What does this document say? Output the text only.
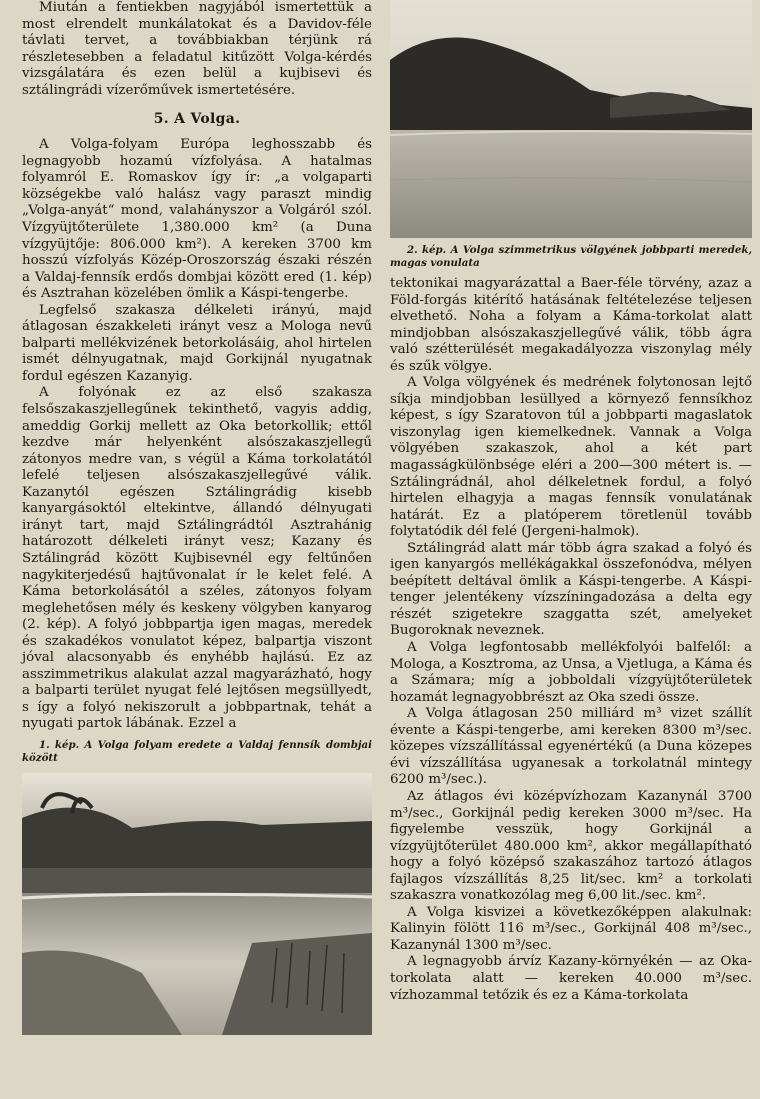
Miután a fentiekben nagyjából ismertettük a most elrendelt munkálatokat és a Davidov-féle távlati tervet, a továbbiakban térjünk rá részletesebben a feladatul kitűzött Volga-kérdés vizsgálatára és ezen belül a kujbisevi és sztálingrádi vízerőművek ismertetésére.

5. A Volga.

A Volga-folyam Európa leghosszabb és legnagyobb hozamú vízfolyása. A hatalmas folyamról E. Romaskov így ír: „a volgaparti községekbe való halász vagy paraszt mindig „Volga-anyát“ mond, valahányszor a Volgáról szól. Vízgyüjtőterülete 1,380.000 km² (a Duna vízgyüjtője: 806.000 km²). A kereken 3700 km hosszú vízfolyás Közép-Oroszország északi részén a Valdaj-fennsík erdős dombjai között ered (1. kép) és Asztrahan közelében ömlik a Káspi-tengerbe.

Legfelső szakasza délkeleti irányú, majd átlagosan északkeleti irányt vesz a Mologa nevű balparti mellékvizének betorkolásáig, ahol hirtelen ismét délnyugatnak, majd Gorkijnál nyugatnak fordul egészen Kazanyig.

A folyónak ez az első szakasza felsőszakaszjellegűnek tekinthető, vagyis addig, ameddig Gorkij mellett az Oka betorkollik; ettől kezdve már helyenként alsószakaszjellegű zátonyos medre van, s végül a Káma torkolatától lefelé teljesen alsószakaszjellegűvé válik. Kazanytól egészen Sztálingrádig kisebb kanyargásoktól eltekintve, állandó délnyugati irányt tart, majd Sztálingrádtól Asztrahánig határozott délkeleti irányt vesz; Kazany és Sztálingrád között Kujbisevnél egy feltűnően nagykiterjedésű hajtűvonalat ír le kelet felé. A Káma betorkolásától a széles, zátonyos folyam meglehetősen mély és keskeny völgyben kanyarog (2. kép). A folyó jobbpartja igen magas, meredek és szakadékos vonulatot képez, balpartja viszont jóval alacsonyabb és enyhébb hajlású. Ez az asszimmetrikus alakulat azzal magyarázható, hogy a balparti terület nyugat felé lejtősen megsüllyedt, s így a folyó nekiszorult a jobbpartnak, tehát a nyugati partok lábának. Ezzel a

1. kép. A Volga folyam eredete a Valdaj fennsík dombjai között

2. kép. A Volga szimmetrikus völgyének jobbparti meredek, magas vonulata

tektonikai magyarázattal a Baer-féle törvény, azaz a Föld-forgás kitérítő hatásának feltételezése teljesen elvethető. Noha a folyam a Káma-torkolat alatt mindjobban alsószakaszjellegűvé válik, több ágra való szétterülését megakadályozza viszonylag mély és szűk völgye.

A Volga völgyének és medrének folytonosan lejtő síkja mindjobban lesüllyed a környező fennsíkhoz képest, s így Szaratovon túl a jobbparti magaslatok viszonylag igen kiemelkednek. Vannak a Volga völgyében szakaszok, ahol a két part magasságkülönbsége eléri a 200—300 métert is. — Sztálingrádnál, ahol délkeletnek fordul, a folyó hirtelen elhagyja a magas fennsík vonulatának határát. Ez a platóperem töretlenül tovább folytatódik dél felé (Jergeni-halmok).

Sztálingrád alatt már több ágra szakad a folyó és igen kanyargós mellékágakkal összefonódva, mélyen beépített deltával ömlik a Káspi-tengerbe. A Káspi-tenger jelentékeny vízszíningadozása a delta egy részét szigetekre szaggatta szét, amelyeket Bugoroknak neveznek.

A Volga legfontosabb mellékfolyói balfelől: a Mologa, a Kosztroma, az Unsa, a Vjetluga, a Káma és a Számara; míg a jobboldali vízgyüjtőterületek hozamát legnagyobbrészt az Oka szedi össze.

A Volga átlagosan 250 milliárd m³ vizet szállít évente a Káspi-tengerbe, ami kereken 8300 m³/sec. közepes vízszállítással egyenértékű (a Duna közepes évi vízszállítása ugyanesak a torkolatnál mintegy 6200 m³/sec.).

Az átlagos évi középvízhozam Kazanynál 3700 m³/sec., Gorkijnál pedig kereken 3000 m³/sec. Ha figyelembe vesszük, hogy Gorkijnál a vízgyüjtőterület 480.000 km², akkor megállapítható hogy a folyó középső szakaszához tartozó átlagos fajlagos vízszállítás 8,25 lit/sec. km² a torkolati szakaszra vonatkozólag meg 6,00 lit./sec. km².

A Volga kisvizei a következőképpen alakulnak: Kalinyin fölött 116 m³/sec., Gorkijnál 408 m³/sec., Kazanynál 1300 m³/sec.

A legnagyobb árvíz Kazany-környékén — az Oka-torkolata alatt — kereken 40.000 m³/sec. vízhozammal tetőzik és ez a Káma-torkolata
